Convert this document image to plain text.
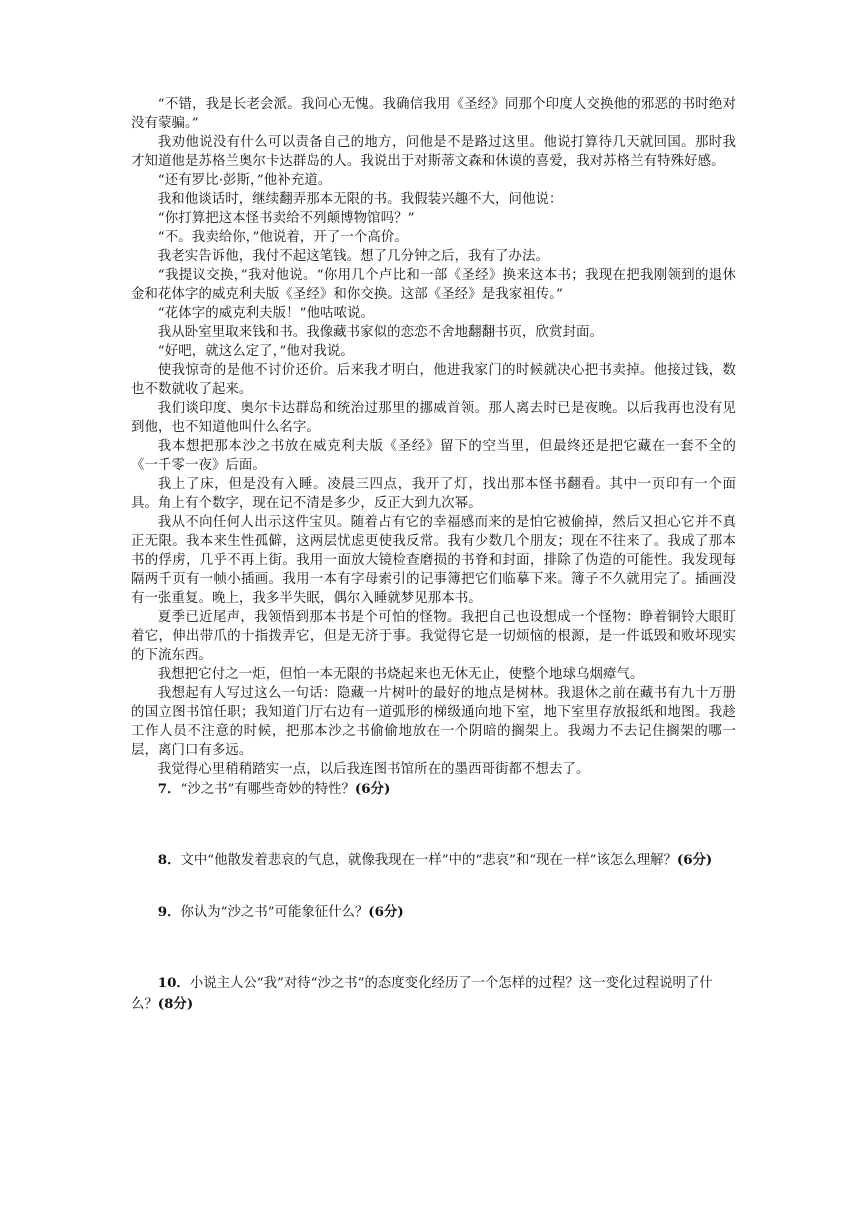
“不错，我是长老会派。我问心无愧。我确信我用《圣经》同那个印度人交换他的邪恶的书时绝对没有蒙骗。”

我劝他说没有什么可以责备自己的地方，问他是不是路过这里。他说打算待几天就回国。那时我才知道他是苏格兰奥尔卡达群岛的人。我说出于对斯蒂文森和休谟的喜爱，我对苏格兰有特殊好感。

“还有罗比·彭斯，”他补充道。

我和他谈话时，继续翻弄那本无限的书。我假装兴趣不大，问他说：

“你打算把这本怪书卖给不列颠博物馆吗？”

“不。我卖给你，”他说着，开了一个高价。

我老实告诉他，我付不起这笔钱。想了几分钟之后，我有了办法。

“我提议交换，”我对他说。“你用几个卢比和一部《圣经》换来这本书；我现在把我刚领到的退休金和花体字的威克利夫版《圣经》和你交换。这部《圣经》是我家祖传。”

“花体字的威克利夫版！”他咕哝说。

我从卧室里取来钱和书。我像藏书家似的恋恋不舍地翻翻书页，欣赏封面。

“好吧，就这么定了，”他对我说。

使我惊奇的是他不讨价还价。后来我才明白，他进我家门的时候就决心把书卖掉。他接过钱，数也不数就收了起来。

我们谈印度、奥尔卡达群岛和统治过那里的挪威首领。那人离去时已是夜晚。以后我再也没有见到他，也不知道他叫什么名字。

我本想把那本沙之书放在威克利夫版《圣经》留下的空当里，但最终还是把它藏在一套不全的《一千零一夜》后面。

我上了床，但是没有入睡。凌晨三四点，我开了灯，找出那本怪书翻看。其中一页印有一个面具。角上有个数字，现在记不清是多少，反正大到九次幂。

我从不向任何人出示这件宝贝。随着占有它的幸福感而来的是怕它被偷掉，然后又担心它并不真正无限。我本来生性孤僻，这两层忧虑更使我反常。我有少数几个朋友；现在不往来了。我成了那本书的俘虏，几乎不再上街。我用一面放大镜检查磨损的书脊和封面，排除了伪造的可能性。我发现每隔两千页有一帧小插画。我用一本有字母索引的记事簿把它们临摹下来。簿子不久就用完了。插画没有一张重复。晚上，我多半失眠，偶尔入睡就梦见那本书。

夏季已近尾声，我领悟到那本书是个可怕的怪物。我把自己也设想成一个怪物：睁着铜铃大眼盯着它，伸出带爪的十指拨弄它，但是无济于事。我觉得它是一切烦恼的根源，是一件诋毁和败坏现实的下流东西。

我想把它付之一炬，但怕一本无限的书烧起来也无休无止，使整个地球乌烟瘴气。

我想起有人写过这么一句话：隐藏一片树叶的最好的地点是树林。我退休之前在藏书有九十万册的国立图书馆任职；我知道门厅右边有一道弧形的梯级通向地下室，地下室里存放报纸和地图。我趁工作人员不注意的时候，把那本沙之书偷偷地放在一个阴暗的搁架上。我竭力不去记住搁架的哪一层，离门口有多远。

我觉得心里稍稍踏实一点，以后我连图书馆所在的墨西哥街都不想去了。

7．“沙之书”有哪些奇妙的特性？(6分)

8．文中“他散发着悲哀的气息，就像我现在一样”中的“悲哀”和“现在一样”该怎么理解？(6分)

9．你认为“沙之书”可能象征什么？(6分)

10．小说主人公“我”对待“沙之书”的态度变化经历了一个怎样的过程？这一变化过程说明了什么？(8分)
